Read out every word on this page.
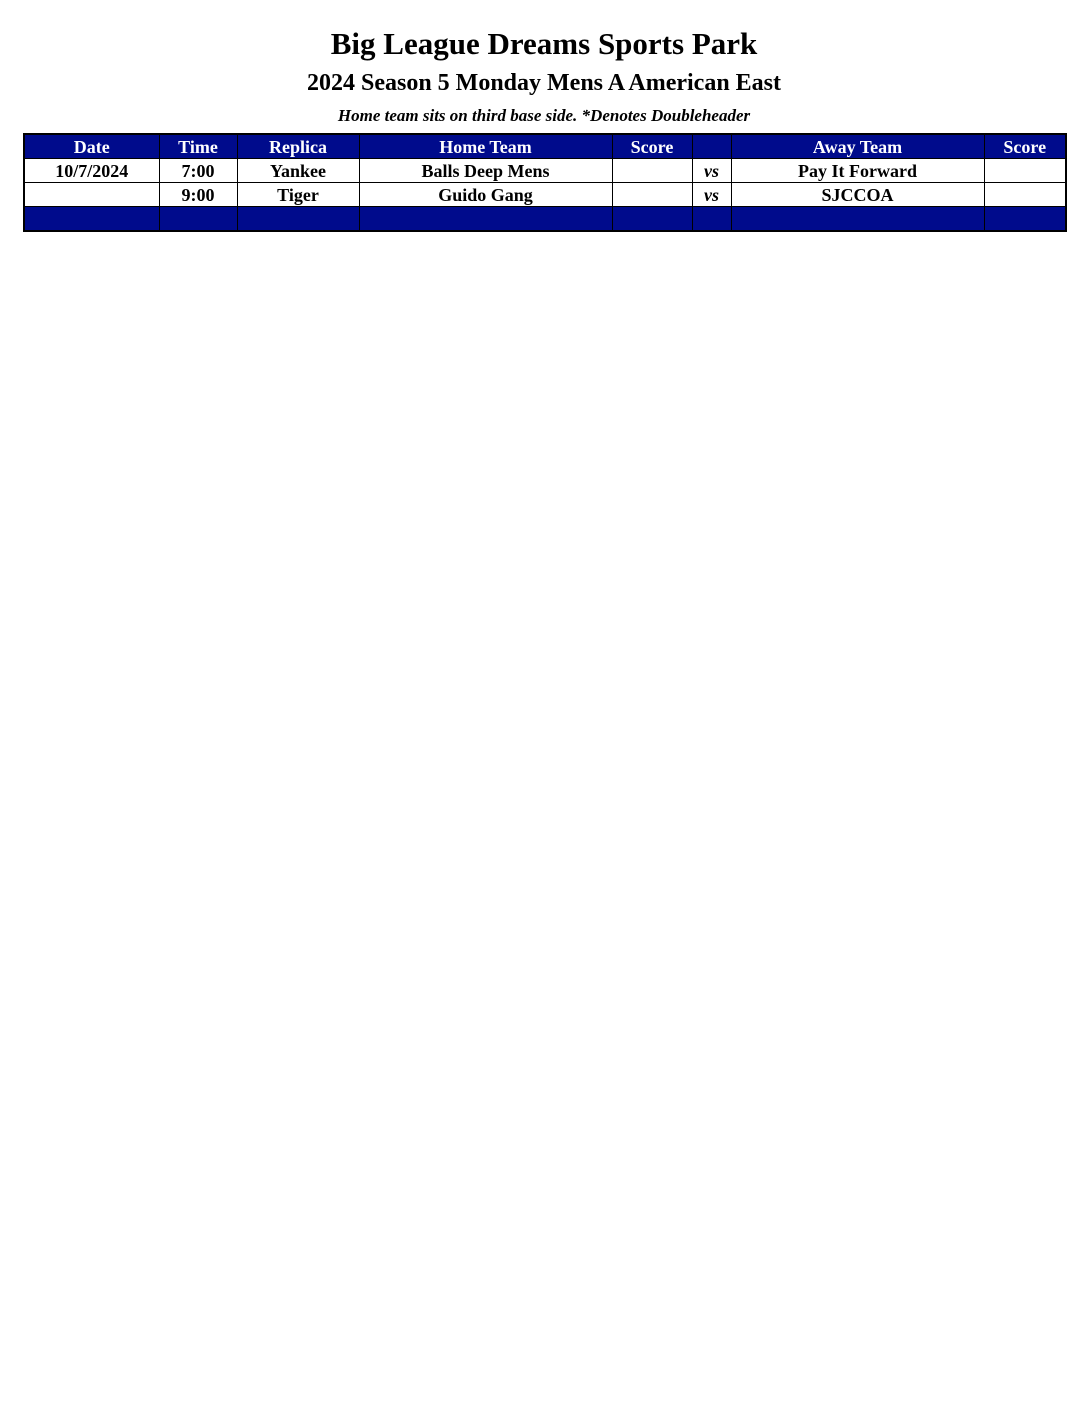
Big League Dreams Sports Park
2024 Season 5 Monday Mens A American East
Home team sits on third base side. *Denotes Doubleheader
Date	Time	Replica	Home Team	Score		Away Team	Score
10/7/2024	7:00	Yankee	Balls Deep Mens		vs	Pay It Forward	
	9:00	Tiger	Guido Gang		vs	SJCCOA	
